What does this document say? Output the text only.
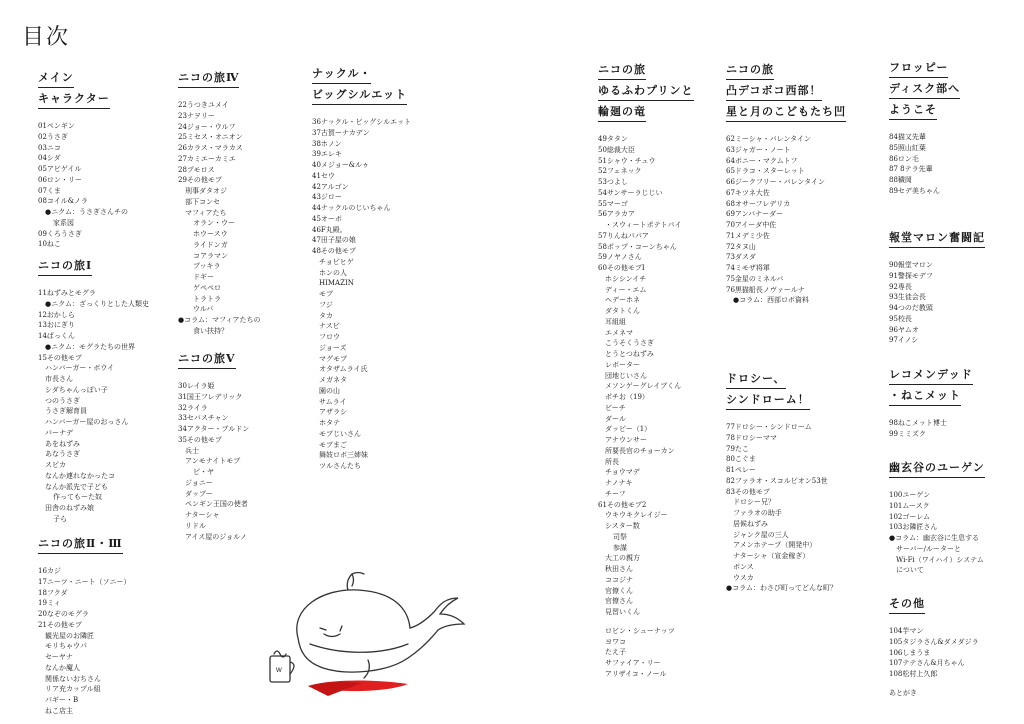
目次
メイン
キャラクター

01ペンギン
02うさぎ
03ニコ
04シダ
05アビゲイル
06ロン・リー
07くま
08コイル&ノラ
●ニクム：うさぎさんチの
家系図
09くろうさぎ
10ねこ
ニコの旅Ⅰ

11ねずみとモグラ
●ニクム：ざっくりとした人類史
12おかしら
13おにぎり
14ぱっくん
●ニクム：モグラたちの世界
15その他モブ
ハンバーガー・ボウイ
市長さん
シダちゃんっぽい子
つのうさぎ
うさぎ解育員
ハンバーガー屋のおっさん
バーナデ
あをねずみ
あなうさぎ
スピカ
なんか連れなかったコ
なんか派先で子ども
作ってもーた奴
田舎のねずみ娘
子ら
ニコの旅Ⅱ・Ⅲ

16カジ
17ニーツ・ニート（ソニー）
18フクダ
19ミィ
20なぞのモグラ
21その他モブ
観光屋のお隣匠
モリちゃウパ
セーヤナ
なんか魔人
関係ないおちさん
リア充カップル組
パギー・B
ねこ店主
ニコの旅Ⅳ

22うつきユメイ
23ナヲリー
24ジョー・ウルフ
25ミセス・オニオン
26カラス・マラカス
27カミエーカミエ
28プモロス
29その他モブ
刑事ダタオジ
部下コンセ
マフィアたち
オラン・ウー
ホウースウ
ライドンガ
コアラマン
ブッキラ
ドギー
ゲペペロ
トラトラ
ウルバ
●コラム：マフィアたちの
食い扶持？
ニコの旅Ⅴ

30レイラ姫
31国王フレデリック
32ライラ
33セバスチャン
34アクター・ブルドン
35その他モブ
兵士
アンモナイトモブ
ピ・ヤ
ジョニー
ダッブー
ペンギン王国の使者
ナターシャ
リドル
アイス屋のジョルノ
ナックル・
ビッグシルエット

36ナックル・ビッグシルエット
37古賀ーナカデン
38ホノン
39エレキ
40メジョー&ルゥ
41セウ
42アルゴン
43ジロー
44ナックルのじいちゃん
45オーボ
46F丸殿。
47田子屋の娘
48その他モブ
チョビヒゲ
ホンの人
HIMAZIN
モブ
フジ
タカ
ナスビ
フロウ
ジョーズ
マグモブ
オタザムライ氏
メガネタ
園の山
サムライ
アザラシ
ホタテ
モブじいさん
モブまご
舞妓ロボ三姉妹
ツルさんたち
ニコの旅
ゆるふわプリンと
輪廻の竜

49タタン
50総裁大臣
51シャウ・チュウ
52フェネック
53つよし
54サンサーラじじい
55マーゴ
56アラカア
・スウィートポテトパイ
57りんねパパア
58ポップ・コーンちゃん
59ノヤノさん
60その他モブⅠ
ホシシンイチ
ディー・エム
ヘデーホネ
ダタトくん
耳組組
エメネマ
こうそくうさぎ
とうとつねずみ
レボーター
団地じいさん
メソンゲーグレイブくん
ポチお（19）
ビーチ
ダール
ダッピー（1）
アナウンサー
所要長官のチョーカン
所長
チョウマデ
ナノナキ
チーフ
61その他モブ2
ウキウキクレイジー
シスター数
司祭
参謀
大工の親方
秋田さん
ココジナ
官僚くん
官僚さん
見習いくん
ロビン・シューナッツ
ヨワコ
たえ子
サファイア・リー
アリザイコ・ノール
ニコの旅
凸デコボコ西部！
星と月のこどもたち凹

62ミーシャ・バレンタイン
63ジャガー・ノート
64ボニー・マクムトフ
65ドラコ・スターレット
66ジークフリー・バレンタイン
67キツネ大佐
68オサーフレデリカ
69アンバナーダー
70アイーダ中佐
71メデミ少佐
72タヌ山
73ダスダ
74ミモザ将軍
75金星のミネルバ
76黒猫船長ノヴァールナ
●コラム：西部ロボ資料
ドロシー、
シンドローム！

77ドロシー・シンドローム
78ドロシーママ
79たこ
80こぐま
81ペレー
82ファラオ・スコルピオン53世
83その他モブ
ドロシー兄？
ファラオの助手
居候ねずみ
ジャンク屋の三人
アメンホテープ（開発中）
ナターシャ（宣金稼ぎ）
ボンス
ウスカ
●コラム：わさび町ってどんな町？
フロッピー
ディスク部へ
ようこそ

84猫又先輩
85照山紅葉
86ロン毛
87 8テラ先輩
88穢岡
89セデ美ちゃん
報堂マロン奮闘記

90報堂マロン
91警探モデフ
92専長
93生徒会長
94つのだ教頭
95校長
96ヤムオ
97イノシ
レコメンデッド
・ねこメット

98ねこメット博士
99ミミズク
幽玄谷のユーゲン

100ユーゲン
101ムースク
102ゴーレム
103お隣匠さん
●コラム：幽玄谷に生息する
サーバー/ルーターと
Wi-Fi（ワイハイ）システム
について
その他

104芋マン
105タジラさん&ダメダジラ
106しまうま
107テテさん&月ちゃん
108松村上久郎
あとがき
w
